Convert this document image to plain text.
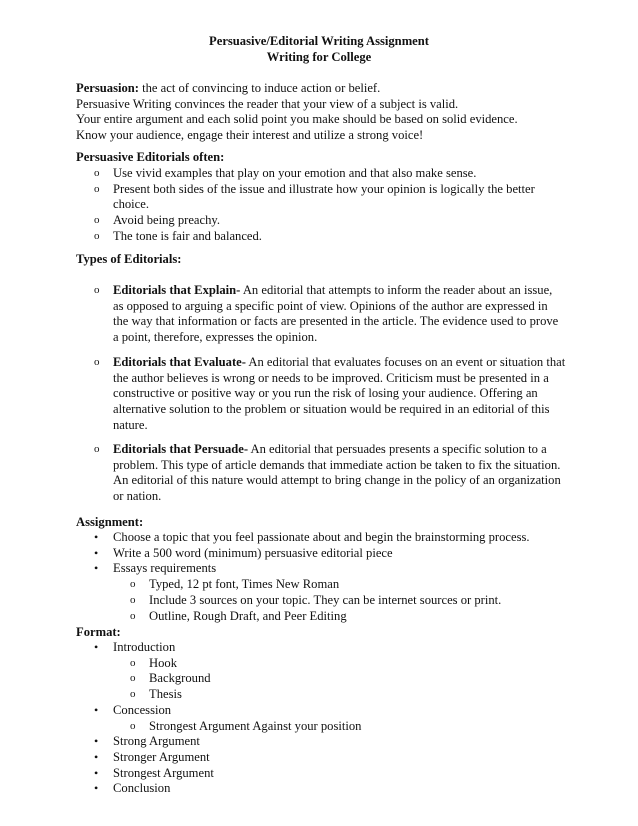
Persuasive/Editorial Writing Assignment
Writing for College
Persuasion: the act of convincing to induce action or belief.
Persuasive Writing convinces the reader that your view of a subject is valid.
Your entire argument and each solid point you make should be based on solid evidence.
Know your audience, engage their interest and utilize a strong voice!
Persuasive Editorials often:
o Use vivid examples that play on your emotion and that also make sense.
o Present both sides of the issue and illustrate how your opinion is logically the better
choice.
o Avoid being preachy.
o The tone is fair and balanced.
Types of Editorials:
o Editorials that Explain- An editorial that attempts to inform the reader about an issue,
as opposed to arguing a specific point of view. Opinions of the author are expressed in
the way that information or facts are presented in the article. The evidence used to prove
a point, therefore, expresses the opinion.
o Editorials that Evaluate- An editorial that evaluates focuses on an event or situation that
the author believes is wrong or needs to be improved. Criticism must be presented in a
constructive or positive way or you run the risk of losing your audience. Offering an
alternative solution to the problem or situation would be required in an editorial of this
nature.
o Editorials that Persuade- An editorial that persuades presents a specific solution to a
problem. This type of article demands that immediate action be taken to fix the situation.
An editorial of this nature would attempt to bring change in the policy of an organization
or nation.
Assignment:
• Choose a topic that you feel passionate about and begin the brainstorming process.
• Write a 500 word (minimum) persuasive editorial piece
• Essays requirements
o Typed, 12 pt font, Times New Roman
o Include 3 sources on your topic. They can be internet sources or print.
o Outline, Rough Draft, and Peer Editing
Format:
• Introduction
o Hook
o Background
o Thesis
• Concession
o Strongest Argument Against your position
• Strong Argument
• Stronger Argument
• Strongest Argument
• Conclusion
